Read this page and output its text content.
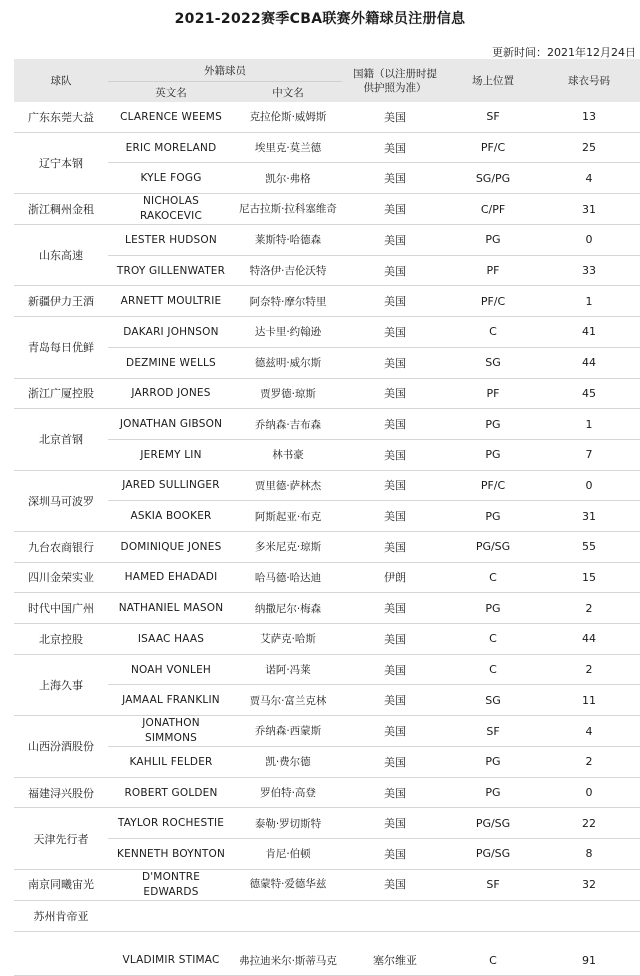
2021-2022赛季CBA联赛外籍球员注册信息
更新时间：2021年12月24日
球队	外籍球员		国籍（以注册时提供护照为准）	场上位置	球衣号码
	英文名	中文名			
广东东莞大益	CLARENCE WEEMS	克拉伦斯·威姆斯	美国	SF	13
辽宁本钢	ERIC MORELAND	埃里克·莫兰德	美国	PF/C	25
	KYLE FOGG	凯尔·弗格	美国	SG/PG	4
浙江稠州金租	NICHOLAS RAKOCEVIC	尼古拉斯·拉科塞维奇	美国	C/PF	31
山东高速	LESTER HUDSON	莱斯特·哈德森	美国	PG	0
	TROY GILLENWATER	特洛伊·吉伦沃特	美国	PF	33
新疆伊力王酒	ARNETT MOULTRIE	阿奈特·摩尔特里	美国	PF/C	1
青岛每日优鲜	DAKARI JOHNSON	达卡里·约翰逊	美国	C	41
	DEZMINE WELLS	德兹明·威尔斯	美国	SG	44
浙江广厦控股	JARROD JONES	贾罗德·琼斯	美国	PF	45
北京首钢	JONATHAN GIBSON	乔纳森·吉布森	美国	PG	1
	JEREMY LIN	林书豪	美国	PG	7
深圳马可波罗	JARED SULLINGER	贾里德·萨林杰	美国	PF/C	0
	ASKIA BOOKER	阿斯起亚·布克	美国	PG	31
九台农商银行	DOMINIQUE JONES	多米尼克·琼斯	美国	PG/SG	55
四川金荣实业	HAMED EHADADI	哈马德·哈达迪	伊朗	C	15
时代中国广州	NATHANIEL MASON	纳撒尼尔·梅森	美国	PG	2
北京控股	ISAAC HAAS	艾萨克·哈斯	美国	C	44
上海久事	NOAH VONLEH	诺阿·冯莱	美国	C	2
	JAMAAL FRANKLIN	贾马尔·富兰克林	美国	SG	11
山西汾酒股份	JONATHON SIMMONS	乔纳森·西蒙斯	美国	SF	4
	KAHLIL FELDER	凯·费尔德	美国	PG	2
福建浔兴股份	ROBERT GOLDEN	罗伯特·高登	美国	PG	0
天津先行者	TAYLOR ROCHESTIE	泰勒·罗切斯特	美国	PG/SG	22
	KENNETH BOYNTON	肯尼·伯顿	美国	PG/SG	8
南京同曦宙光	D'MONTRE EDWARDS	德蒙特·爱德华兹	美国	SF	32
苏州肯帝亚					

	VLADIMIR STIMAC	弗拉迪米尔·斯蒂马克	塞尔维亚	C	91
